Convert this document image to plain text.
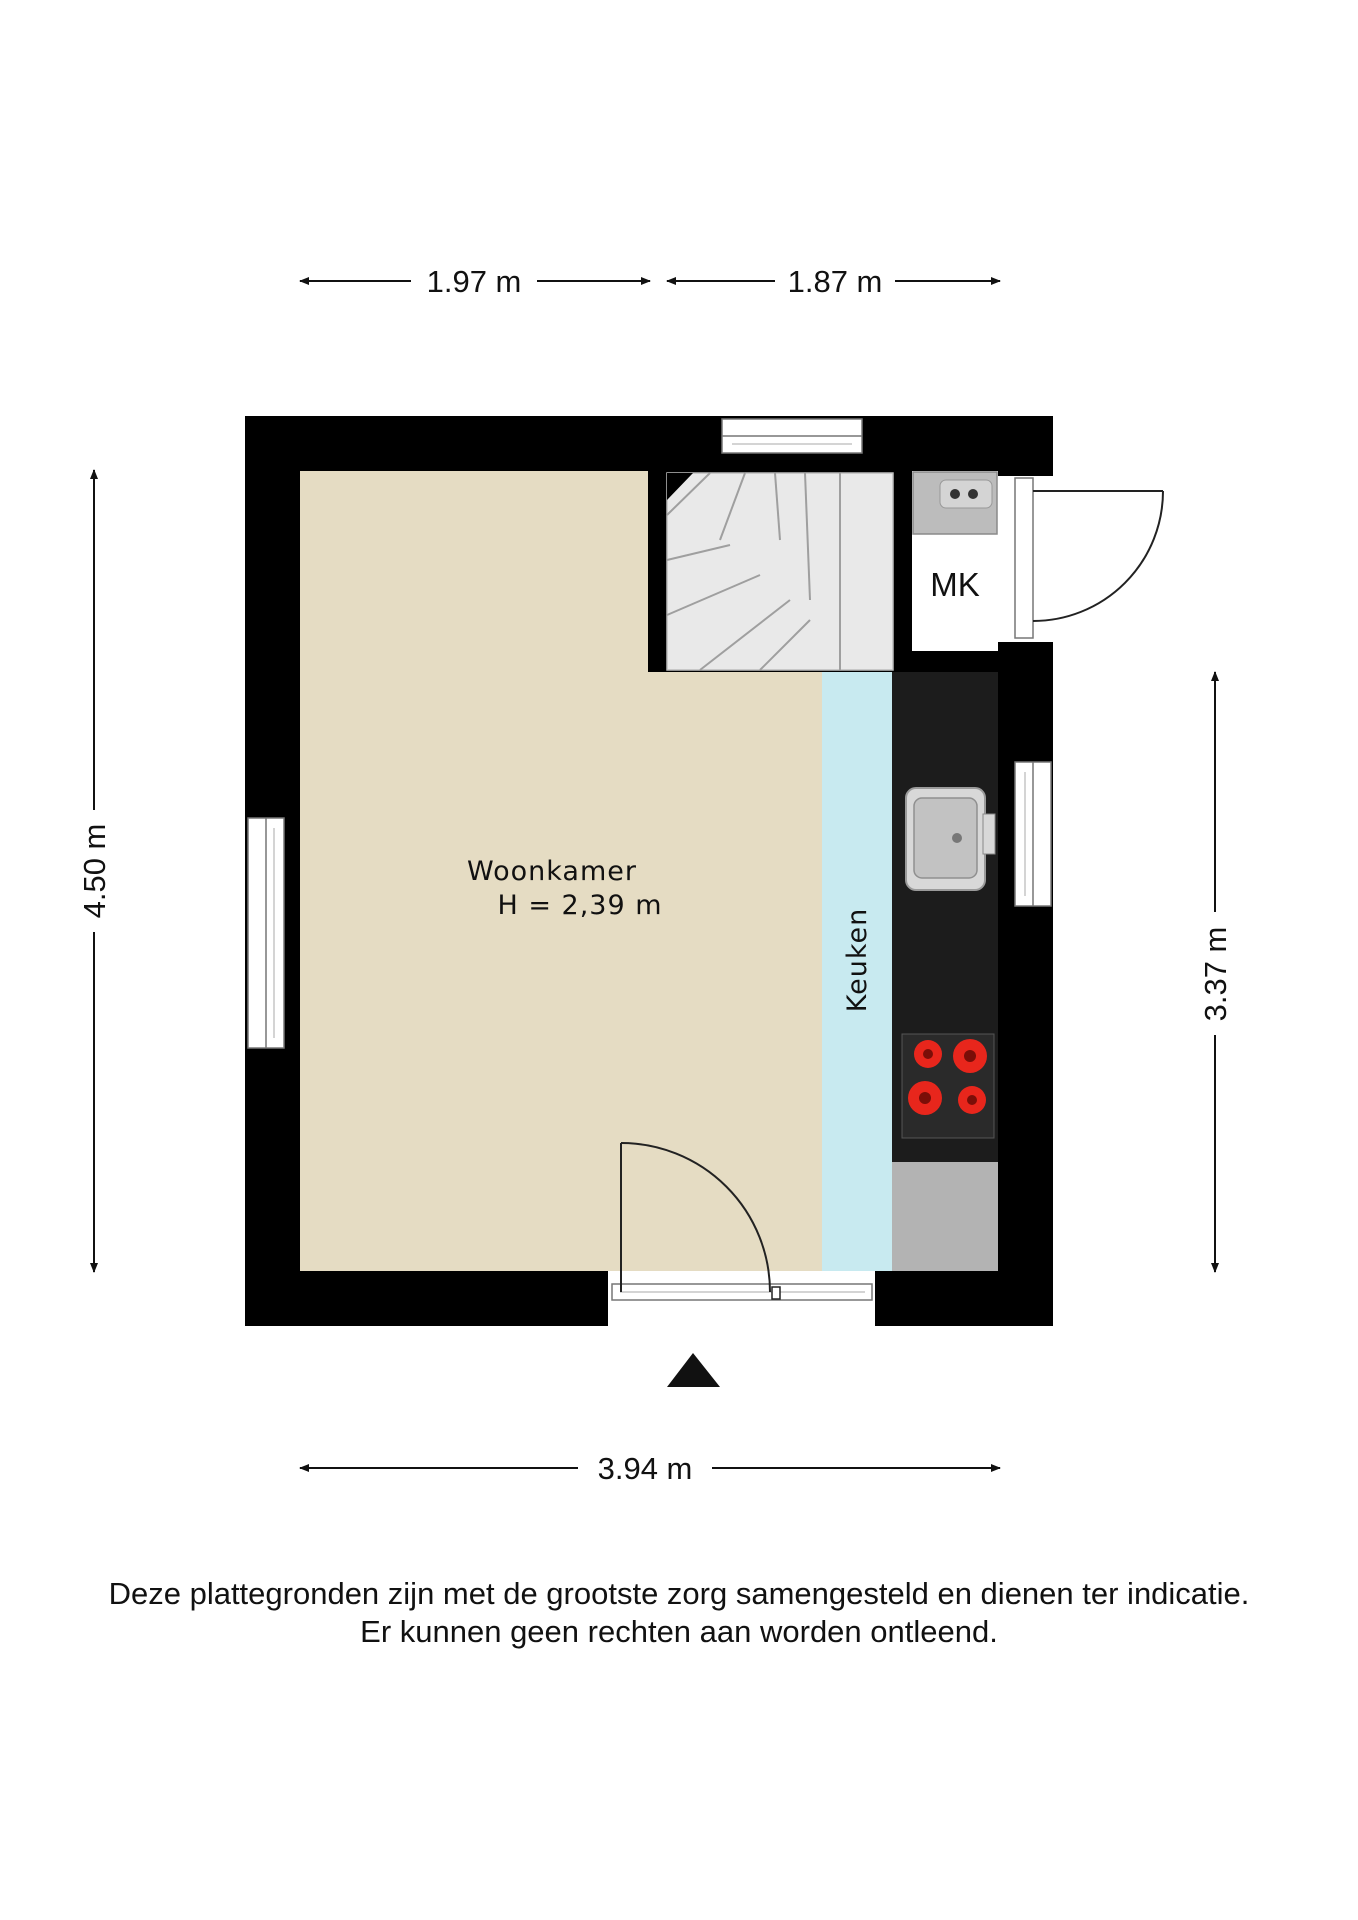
1.97 m	1.87 m
4.50 m
3.37 m
3.94 m
MK
Woonkamer
H = 2,39 m
Keuken
Deze plattegronden zijn met de grootste zorg samengesteld en dienen ter indicatie.
Er kunnen geen rechten aan worden ontleend.
